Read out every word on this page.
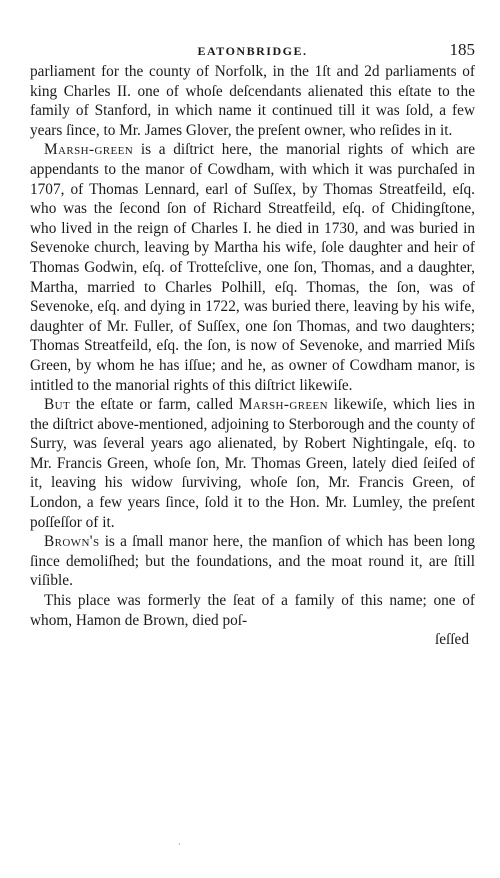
EATONBRIDGE.	185

parliament for the county of Norfolk, in the 1ſt and 2d parliaments of king Charles II. one of whoſe deſcendants alienated this eſtate to the family of Stanford, in which name it continued till it was ſold, a few years ſince, to Mr. James Glover, the preſent owner, who reſides in it.

Marsh-green is a diſtrict here, the manorial rights of which are appendants to the manor of Cowdham, with which it was purchaſed in 1707, of Thomas Lennard, earl of Suſſex, by Thomas Streatfeild, eſq. who was the ſecond ſon of Richard Streatfeild, eſq. of Chidingſtone, who lived in the reign of Charles I. he died in 1730, and was buried in Sevenoke church, leaving by Martha his wife, ſole daughter and heir of Thomas Godwin, eſq. of Trotteſclive, one ſon, Thomas, and a daughter, Martha, married to Charles Polhill, eſq. Thomas, the ſon, was of Sevenoke, eſq. and dying in 1722, was buried there, leaving by his wife, daughter of Mr. Fuller, of Suſſex, one ſon Thomas, and two daughters; Thomas Streatfeild, eſq. the ſon, is now of Sevenoke, and married Miſs Green, by whom he has iſſue; and he, as owner of Cowdham manor, is intitled to the manorial rights of this diſtrict likewiſe.

But the eſtate or farm, called Marsh-green likewiſe, which lies in the diſtrict above-mentioned, adjoining to Sterborough and the county of Surry, was ſeveral years ago alienated, by Robert Nightingale, eſq. to Mr. Francis Green, whoſe ſon, Mr. Thomas Green, lately died ſeiſed of it, leaving his widow ſurviving, whoſe ſon, Mr. Francis Green, of London, a few years ſince, ſold it to the Hon. Mr. Lumley, the preſent poſſeſſor of it.

Brown's is a ſmall manor here, the manſion of which has been long ſince demoliſhed; but the foundations, and the moat round it, are ſtill viſible.

This place was formerly the ſeat of a family of this name; one of whom, Hamon de Brown, died poſ-

ſeſſed
·
